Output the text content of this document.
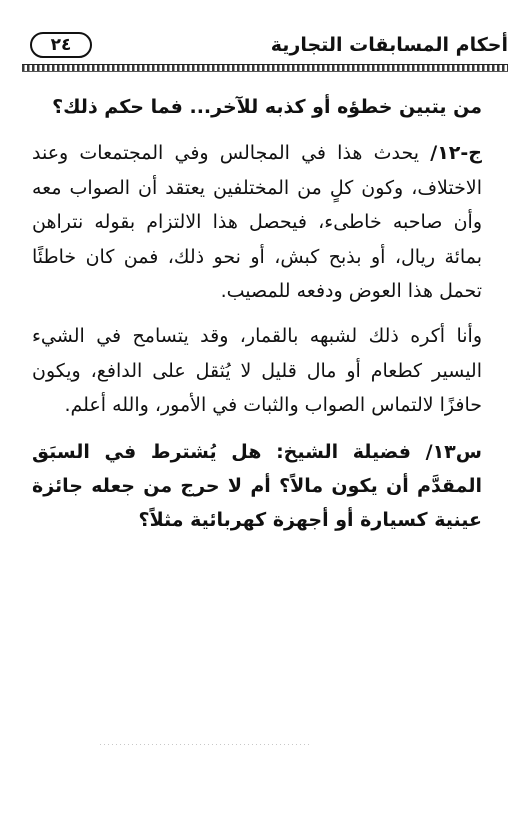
أحكام المسابقات التجارية
٢٤

من يتبين خطؤه أو كذبه للآخر... فما حكم ذلك؟

ج-١٢/ يحدث هذا في المجالس وفي المجتمعات وعند الاختلاف، وكون كلٍ من المختلفين يعتقد أن الصواب معه وأن صاحبه خاطىء، فيحصل هذا الالتزام بقوله نتراهن بمائة ريال، أو بذبح كبش، أو نحو ذلك، فمن كان خاطئًا تحمل هذا العوض ودفعه للمصيب.

وأنا أكره ذلك لشبهه بالقمار، وقد يتسامح في الشيء اليسير كطعام أو مال قليل لا يُثقل على الدافع، ويكون حافزًا لالتماس الصواب والثبات في الأمور، والله أعلم.

س١٣/ فضيلة الشيخ: هل يُشترط في السبَق المقدَّم أن يكون مالاً؟ أم لا حرج من جعله جائزة عينية كسيارة أو أجهزة كهربائية مثلاً؟
